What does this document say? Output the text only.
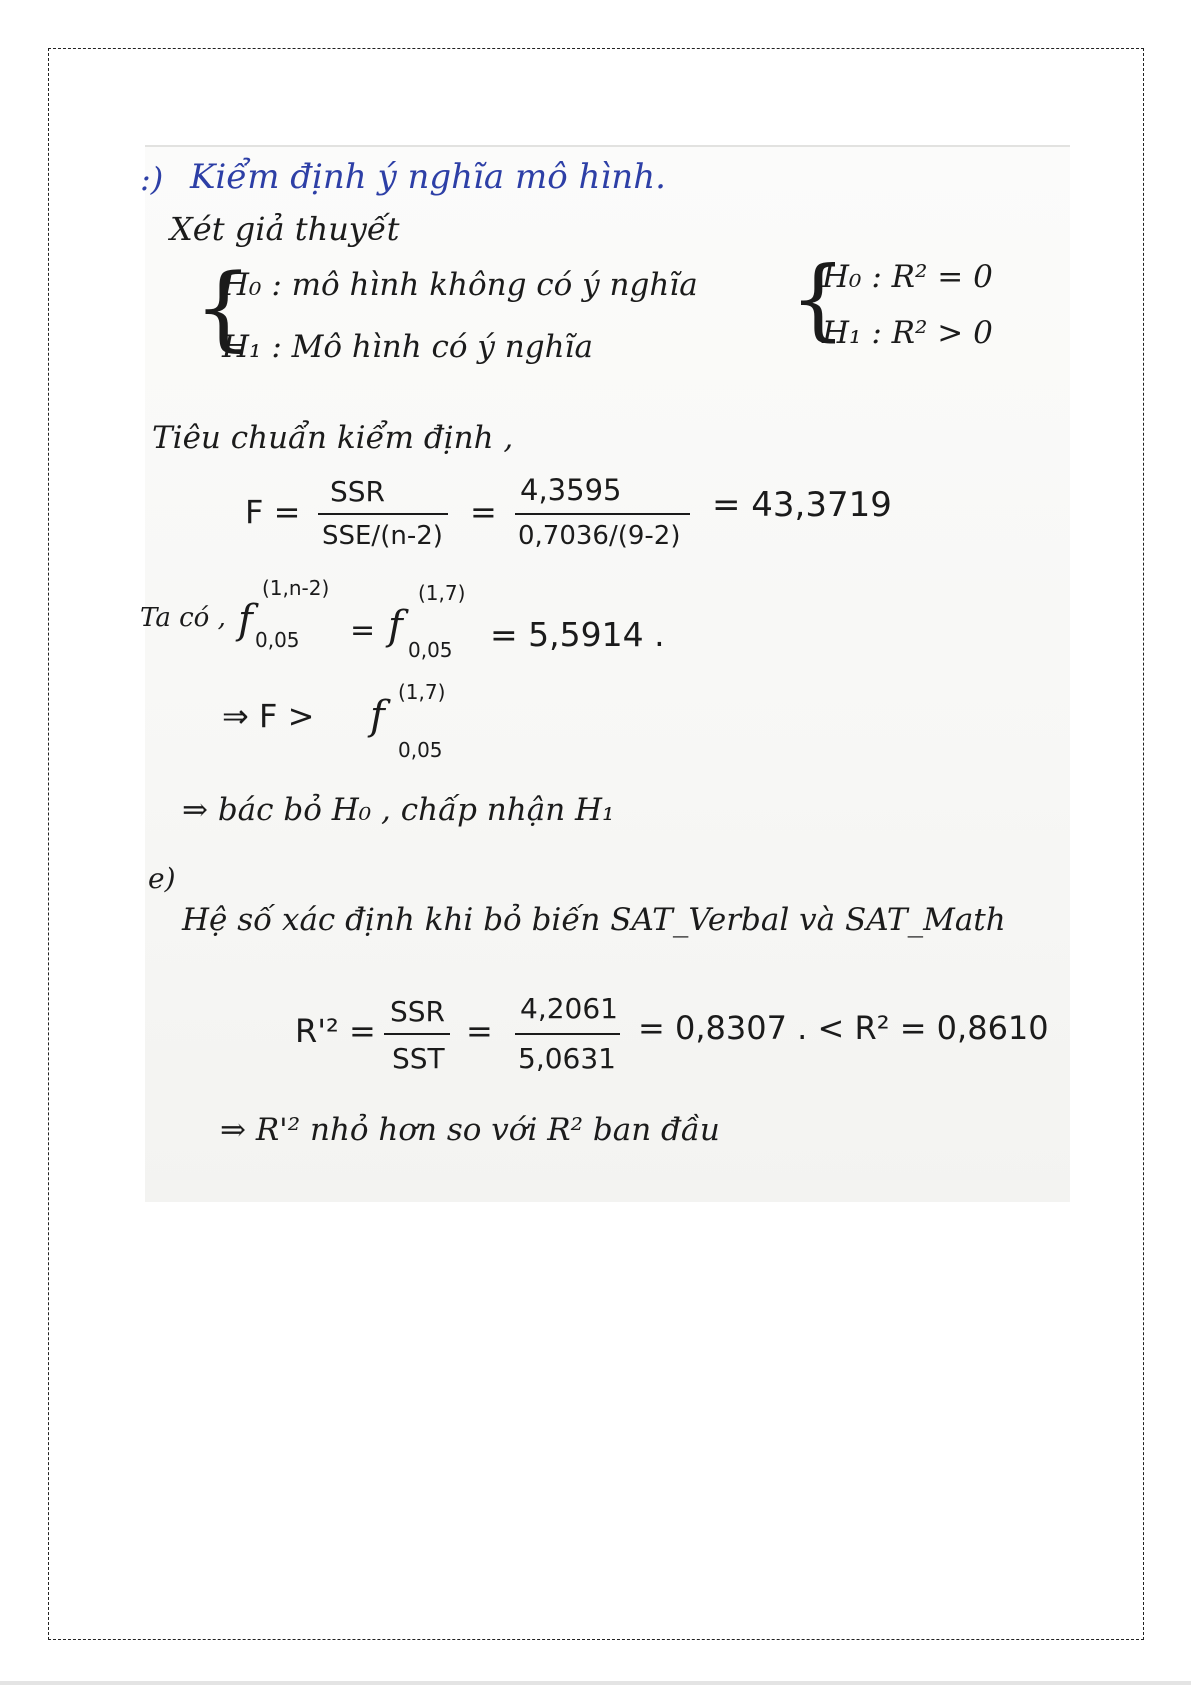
:) Kiểm định ý nghĩa mô hình.

Xét giả thuyết

{

H₀ : mô hình không có ý nghĩa

H₁ : Mô hình có ý nghĩa {

H₀ : R² = 0

H₁ : R² > 0

Tiêu chuẩn kiểm định ,

F =

SSR

SSE/(n-2)

=

4,3595

0,7036/(9-2)

= 43,3719

Ta có , f

(1,n-2)

0,05 = f

(1,7)

0,05 = 5,5914 .

⇒ F > f

(1,7)

0,05

⇒ bác bỏ H₀ , chấp nhận H₁

e)

Hệ số xác định khi bỏ biến SAT_Verbal và SAT_Math

R'² =

SSR

SST

=

4,2061

5,0631

= 0,8307 . < R² = 0,8610

⇒ R'² nhỏ hơn so với R² ban đầu
